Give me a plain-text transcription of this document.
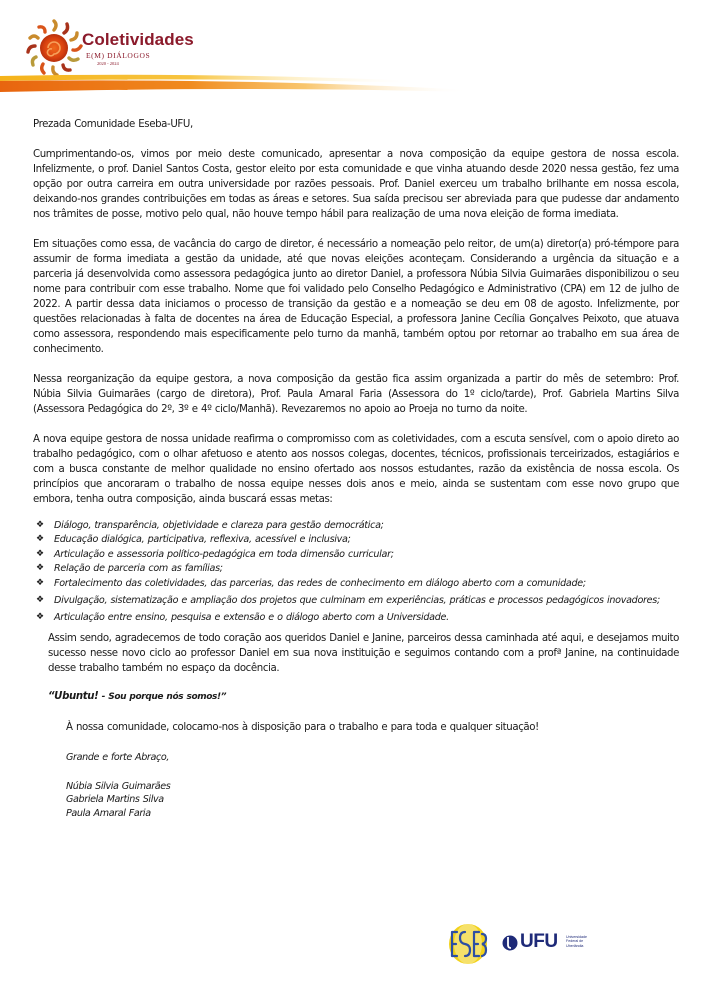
Coletividades
E(M) DIÁLOGOS
2020 - 2024

Prezada Comunidade Eseba-UFU,

Cumprimentando-os, vimos por meio deste comunicado, apresentar a nova composição da equipe gestora de nossa escola. Infelizmente, o prof. Daniel Santos Costa, gestor eleito por esta comunidade e que vinha atuando desde 2020 nessa gestão, fez uma opção por outra carreira em outra universidade por razões pessoais. Prof. Daniel exerceu um trabalho brilhante em nossa escola, deixando-nos grandes contribuições em todas as áreas e setores. Sua saída precisou ser abreviada para que pudesse dar andamento nos trâmites de posse, motivo pelo qual, não houve tempo hábil para realização de uma nova eleição de forma imediata.

Em situações como essa, de vacância do cargo de diretor, é necessário a nomeação pelo reitor, de um(a) diretor(a) pró-témpore para assumir de forma imediata a gestão da unidade, até que novas eleições aconteçam. Considerando a urgência da situação e a parceria já desenvolvida como assessora pedagógica junto ao diretor Daniel, a professora Núbia Silvia Guimarães disponibilizou o seu nome para contribuir com esse trabalho. Nome que foi validado pelo Conselho Pedagógico e Administrativo (CPA) em 12 de julho de 2022. A partir dessa data iniciamos o processo de transição da gestão e a nomeação se deu em 08 de agosto. Infelizmente, por questões relacionadas à falta de docentes na área de Educação Especial, a professora Janine Cecília Gonçalves Peixoto, que atuava como assessora, respondendo mais especificamente pelo turno da manhã, também optou por retornar ao trabalho em sua área de conhecimento.

Nessa reorganização da equipe gestora, a nova composição da gestão fica assim organizada a partir do mês de setembro: Prof. Núbia Silvia Guimarães (cargo de diretora), Prof. Paula Amaral Faria (Assessora do 1º ciclo/tarde), Prof. Gabriela Martins Silva (Assessora Pedagógica do 2º, 3º e 4º ciclo/Manhã). Revezaremos no apoio ao Proeja no turno da noite.

A nova equipe gestora de nossa unidade reafirma o compromisso com as coletividades, com a escuta sensível, com o apoio direto ao trabalho pedagógico, com o olhar afetuoso e atento aos nossos colegas, docentes, técnicos, profissionais terceirizados, estagiários e com a busca constante de melhor qualidade no ensino ofertado aos nossos estudantes, razão da existência de nossa escola. Os princípios que ancoraram o trabalho de nossa equipe nesses dois anos e meio, ainda se sustentam com esse novo grupo que embora, tenha outra composição, ainda buscará essas metas:

❖ Diálogo, transparência, objetividade e clareza para gestão democrática;
❖ Educação dialógica, participativa, reflexiva, acessível e inclusiva;
❖ Articulação e assessoria político-pedagógica em toda dimensão curricular;
❖ Relação de parceria com as famílias;
❖ Fortalecimento das coletividades, das parcerias, das redes de conhecimento em diálogo aberto com a comunidade;
❖ Divulgação, sistematização e ampliação dos projetos que culminam em experiências, práticas e processos pedagógicos inovadores;
❖ Articulação entre ensino, pesquisa e extensão e o diálogo aberto com a Universidade.

Assim sendo, agradecemos de todo coração aos queridos Daniel e Janine, parceiros dessa caminhada até aqui, e desejamos muito sucesso nesse novo ciclo ao professor Daniel em sua nova instituição e seguimos contando com a profª Janine, na continuidade desse trabalho também no espaço da docência.

“Ubuntu! - Sou porque nós somos!”

À nossa comunidade, colocamo-nos à disposição para o trabalho e para toda e qualquer situação!

Grande e forte Abraço,

Núbia Silvia Guimarães
Gabriela Martins Silva
Paula Amaral Faria
UFU Universidade
Federal de
Uberlândia
